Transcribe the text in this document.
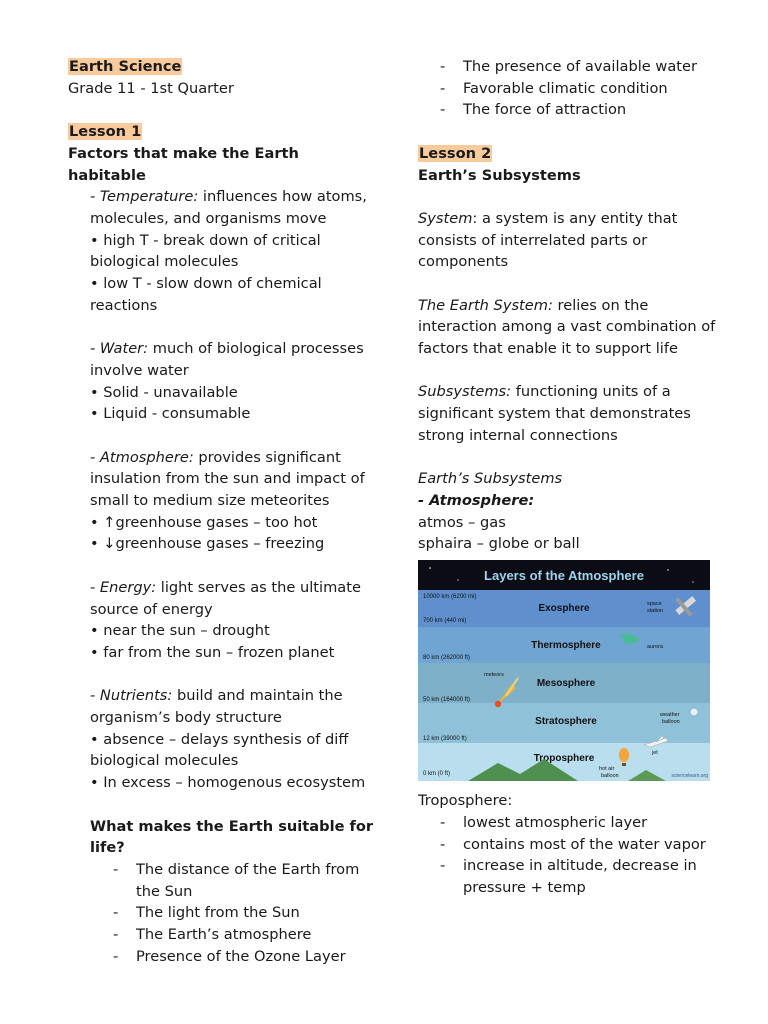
Earth Science
Grade 11 - 1st Quarter
Lesson 1
Factors that make the Earth habitable
- Temperature: influences how atoms, molecules, and organisms move
• high T - break down of critical biological molecules
• low T - slow down of chemical reactions
- Water: much of biological processes involve water
• Solid - unavailable
• Liquid - consumable
- Atmosphere: provides significant insulation from the sun and impact of small to medium size meteorites
• ↑greenhouse gases – too hot
• ↓greenhouse gases – freezing
- Energy: light serves as the ultimate source of energy
• near the sun – drought
• far from the sun – frozen planet
- Nutrients: build and maintain the organism’s body structure
• absence – delays synthesis of diff biological molecules
• In excess – homogenous ecosystem
What makes the Earth suitable for life?
- The distance of the Earth from the Sun
- The light from the Sun
- The Earth’s atmosphere
- Presence of the Ozone Layer
- The presence of available water
- Favorable climatic condition
- The force of attraction
Lesson 2
Earth’s Subsystems
System: a system is any entity that consists of interrelated parts or components
The Earth System: relies on the interaction among a vast combination of factors that enable it to support life
Subsystems: functioning units of a significant system that demonstrates strong internal connections
Earth’s Subsystems
- Atmosphere:
atmos – gas
sphaira – globe or ball
Layers of the Atmosphere
Exosphere
Thermosphere
Mesosphere
Stratosphere
Troposphere
10000 km (6200 mi)
700 km (440 mi)
80 km (262000 ft)
50 km (164000 ft)
12 km (39000 ft)
0 km (0 ft)
space
station
aurora
meteors
weather
balloon
jet
hot air
balloon	sciencelearn.org
Troposphere:
- lowest atmospheric layer
- contains most of the water vapor
- increase in altitude, decrease in pressure + temp
